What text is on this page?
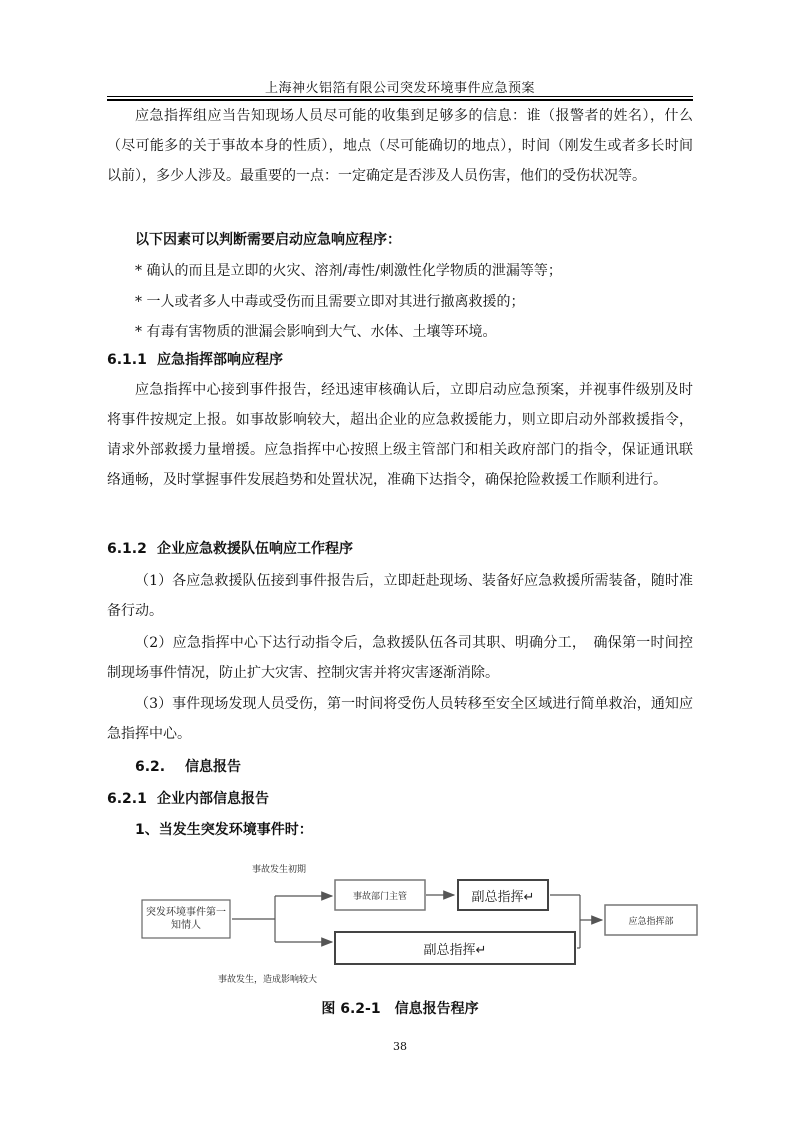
上海神火铝箔有限公司突发环境事件应急预案

应急指挥组应当告知现场人员尽可能的收集到足够多的信息：谁（报警者的姓名），什么（尽可能多的关于事故本身的性质），地点（尽可能确切的地点），时间（刚发生或者多长时间以前），多少人涉及。最重要的一点：一定确定是否涉及人员伤害，他们的受伤状况等。

以下因素可以判断需要启动应急响应程序：

* 确认的而且是立即的火灾、溶剂/毒性/刺激性化学物质的泄漏等等；

* 一人或者多人中毒或受伤而且需要立即对其进行撤离救援的；

* 有毒有害物质的泄漏会影响到大气、水体、土壤等环境。

6.1.1 应急指挥部响应程序

应急指挥中心接到事件报告，经迅速审核确认后，立即启动应急预案，并视事件级别及时将事件按规定上报。如事故影响较大，超出企业的应急救援能力，则立即启动外部救援指令，请求外部救援力量增援。应急指挥中心按照上级主管部门和相关政府部门的指令，保证通讯联络通畅，及时掌握事件发展趋势和处置状况，准确下达指令，确保抢险救援工作顺利进行。

6.1.2 企业应急救援队伍响应工作程序

（1）各应急救援队伍接到事件报告后，立即赶赴现场、装备好应急救援所需装备，随时准备行动。

（2）应急指挥中心下达行动指令后，急救援队伍各司其职、明确分工，　确保第一时间控制现场事件情况，防止扩大灾害、控制灾害并将灾害逐渐消除。

（3）事件现场发现人员受伤，第一时间将受伤人员转移至安全区域进行简单救治，通知应急指挥中心。

6.2. 信息报告
6.2.1 企业内部信息报告
1、当发生突发环境事件时：
突发环境事件第一知情人
事故发生初期
事故发生，造成影响较大
事故部门主管	副总指挥↵
副总指挥↵
应急指挥部
图 6.2-1　信息报告程序
38
